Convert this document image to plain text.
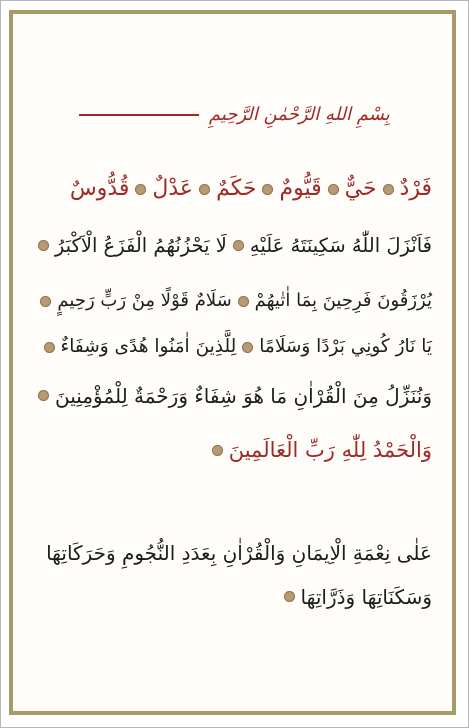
بِسْمِ اللهِ الرَّحْمٰنِ الرَّحِيمِ
فَرْدٌحَيٌّقَيُّومٌحَكَمٌعَدْلٌقُدُّوسٌ
فَاَنْزَلَ اللّٰهُ سَكِينَتَهُ عَلَيْهِلَا يَحْزُنُهُمُ الْفَزَعُ الْاَكْبَرُ
يُرْزَقُونَ فَرِحِينَ بِمَا اٰتٰيهُمْسَلَامٌ قَوْلًا مِنْ رَبٍّ رَحِيمٍ
يَا نَارُ كُونِي بَرْدًا وَسَلَامًالِلَّذِينَ اٰمَنُوا هُدًى وَشِفَاءٌ
وَنُنَزِّلُ مِنَ الْقُرْاٰنِ مَا هُوَ شِفَاءٌ وَرَحْمَةٌ لِلْمُؤْمِنِينَ
وَالْحَمْدُ لِلّٰهِ رَبِّ الْعَالَمِينَ
عَلٰى نِعْمَةِ الْاِيمَانِ وَالْقُرْاٰنِ بِعَدَدِ النُّجُومِ وَحَرَكَاتِهَا
وَسَكَنَاتِهَا وَذَرَّاتِهَا
